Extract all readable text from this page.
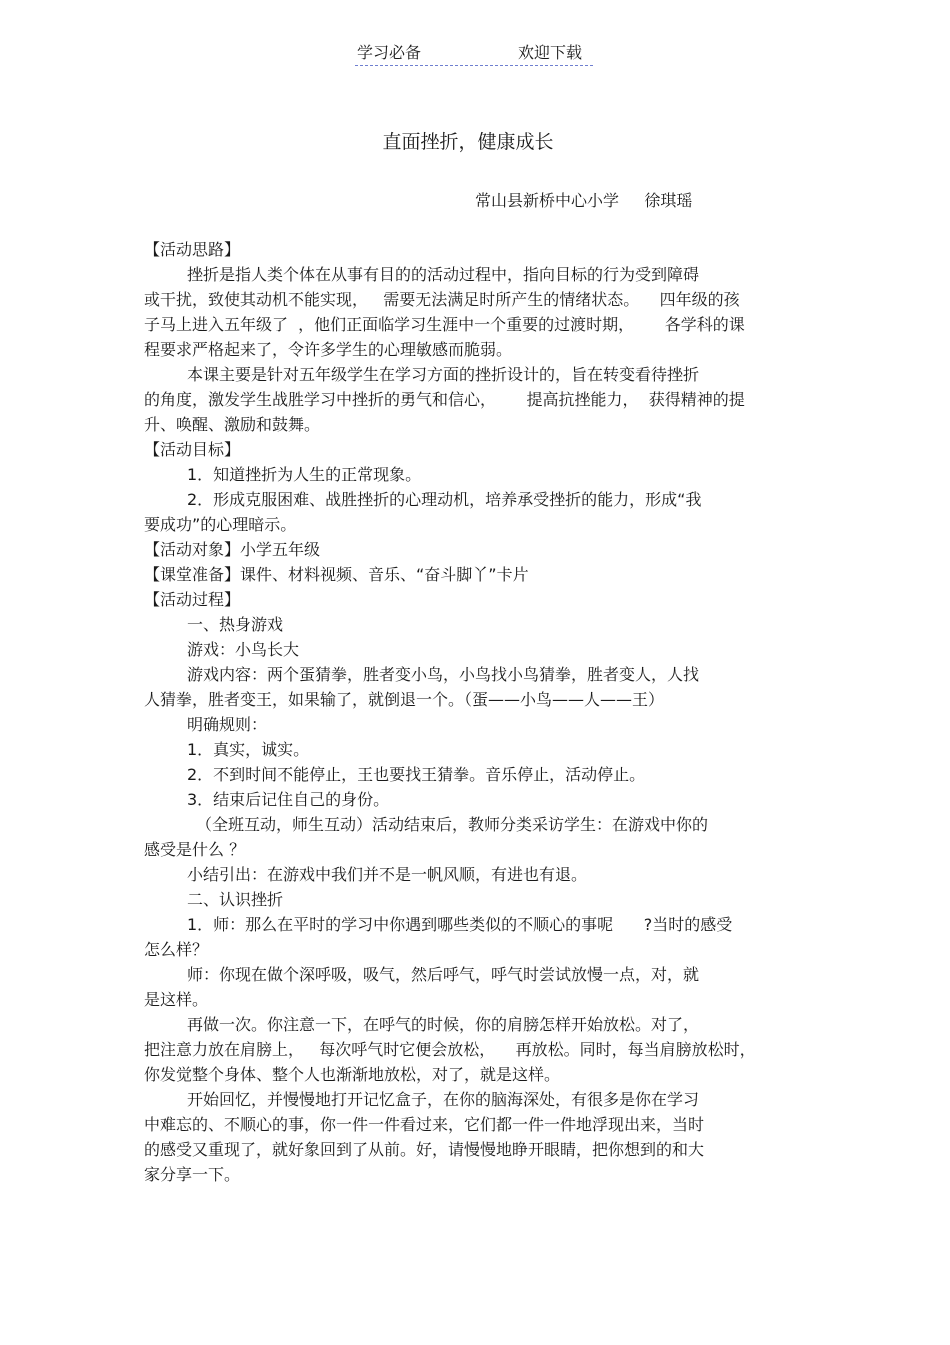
学习必备	欢迎下载
直面挫折，健康成长
常山县新桥中心小学     徐琪瑶
【活动思路】
挫折是指人类个体在从事有目的的活动过程中，指向目标的行为受到障碍
或干扰，致使其动机不能实现，   需要无法满足时所产生的情绪状态。    四年级的孩
子马上进入五年级了  ，他们正面临学习生涯中一个重要的过渡时期，      各学科的课
程要求严格起来了，令许多学生的心理敏感而脆弱。
本课主要是针对五年级学生在学习方面的挫折设计的，旨在转变看待挫折
的角度，激发学生战胜学习中挫折的勇气和信心，      提高抗挫能力，  获得精神的提
升、唤醒、激励和鼓舞。
【活动目标】
1．知道挫折为人生的正常现象。
2．形成克服困难、战胜挫折的心理动机，培养承受挫折的能力，形成“我
要成功”的心理暗示。
【活动对象】小学五年级
【课堂准备】课件、材料视频、音乐、“奋斗脚丫”卡片
【活动过程】
一、热身游戏
游戏：小鸟长大
游戏内容：两个蛋猜拳，胜者变小鸟，小鸟找小鸟猜拳，胜者变人，人找
人猜拳，胜者变王，如果输了，就倒退一个。（蛋——小鸟——人——王）
明确规则：
1．真实，诚实。
2．不到时间不能停止，王也要找王猜拳。音乐停止，活动停止。
3．结束后记住自己的身份。
（全班互动，师生互动）活动结束后，教师分类采访学生：在游戏中你的
感受是什么 ？
小结引出：在游戏中我们并不是一帆风顺，有进也有退。
二、认识挫折
1．师：那么在平时的学习中你遇到哪些类似的不顺心的事呢      ?当时的感受
怎么样？
师：你现在做个深呼吸，吸气，然后呼气，呼气时尝试放慢一点，对，就
是这样。
再做一次。你注意一下，在呼气的时候，你的肩膀怎样开始放松。对了，
把注意力放在肩膀上，   每次呼气时它便会放松，    再放松。同时，每当肩膀放松时，
你发觉整个身体、整个人也渐渐地放松，对了，就是这样。
开始回忆，并慢慢地打开记忆盒子，在你的脑海深处，有很多是你在学习
中难忘的、不顺心的事，你一件一件看过来，它们都一件一件地浮现出来，当时
的感受又重现了，就好象回到了从前。好，请慢慢地睁开眼睛，把你想到的和大
家分享一下。
